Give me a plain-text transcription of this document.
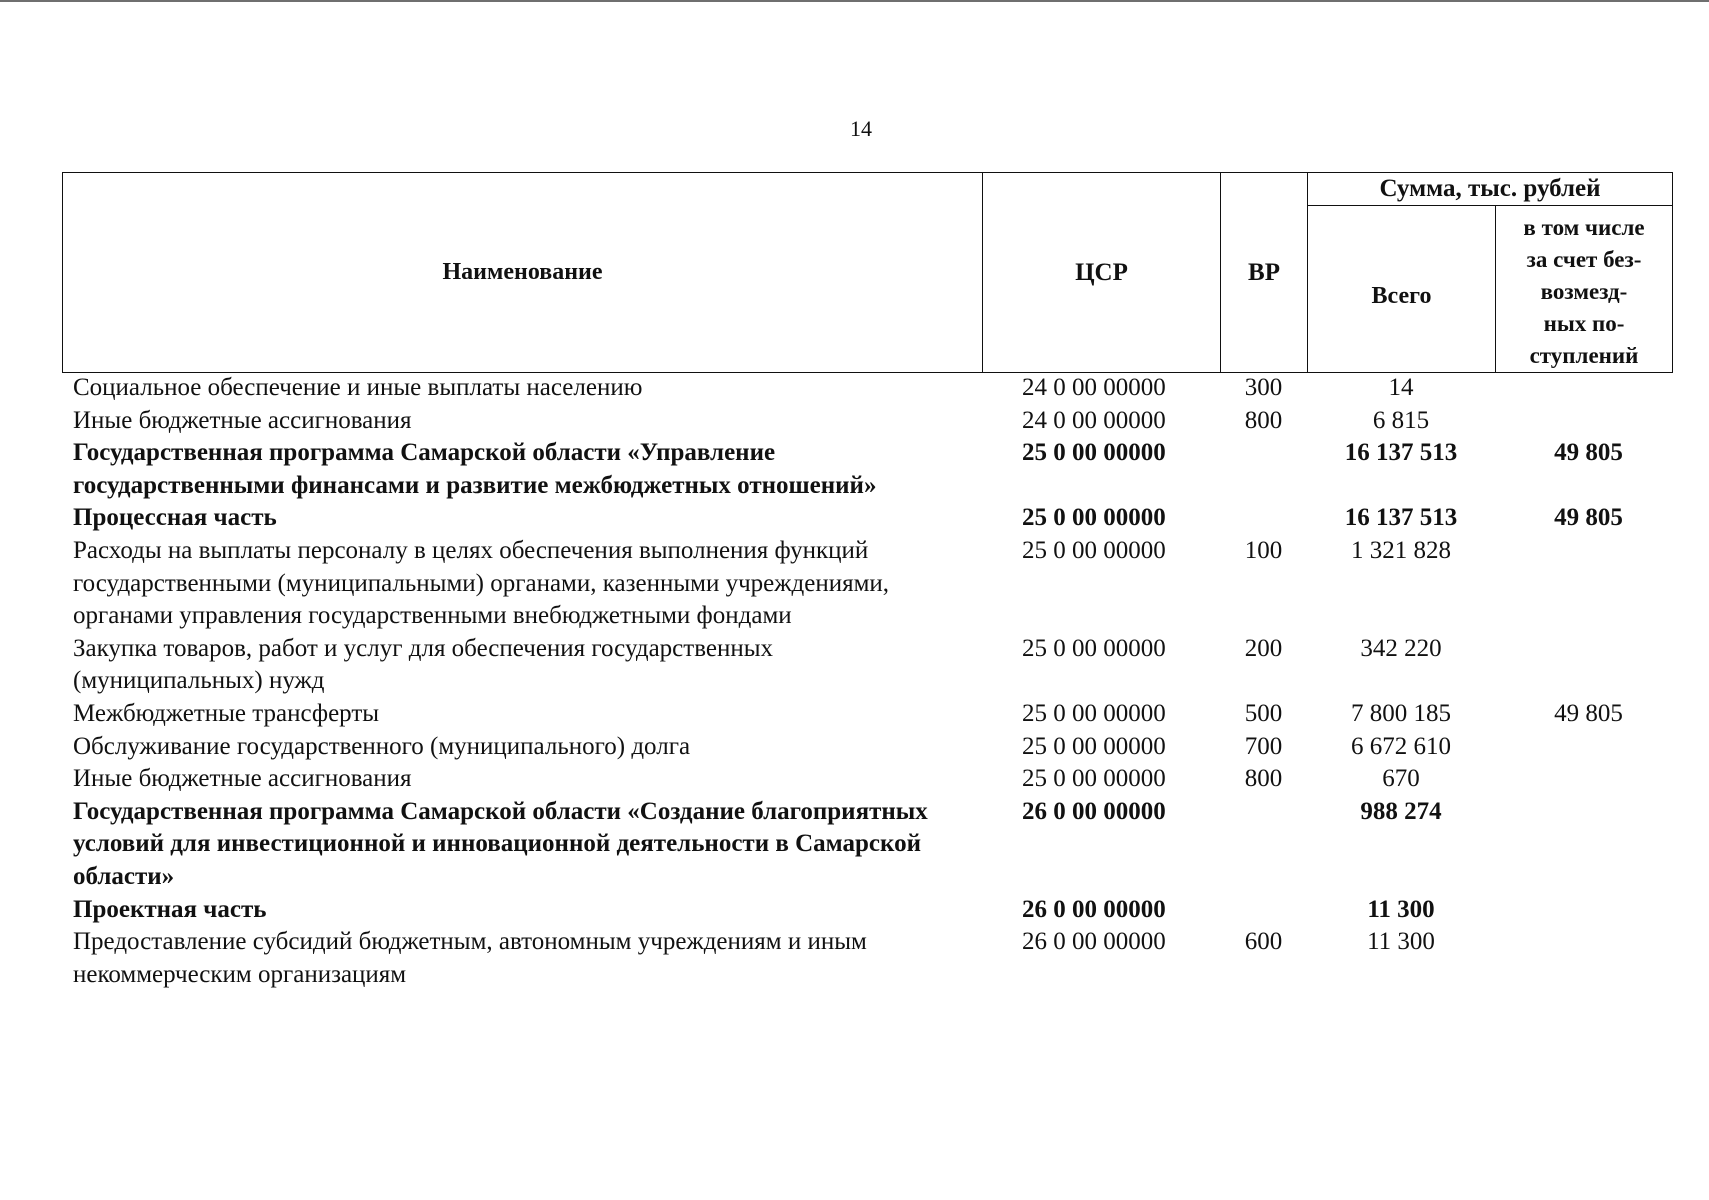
14
Наименование	ЦСР	ВР	Сумма, тыс. рублей	
			Всего	в том числе
за счет без-
возмезд-
ных по-
ступлений
Социальное обеспечение и иные выплаты населению	24 0 00 00000	300	14	
Иные бюджетные ассигнования	24 0 00 00000	800	6 815	
Государственная программа Самарской области «Управление государственными финансами и развитие межбюджетных отношений»	25 0 00 00000		16 137 513	49 805
Процессная часть	25 0 00 00000		16 137 513	49 805
Расходы на выплаты персоналу в целях обеспечения выполнения функций государственными (муниципальными) органами, казенными учреждениями, органами управления государственными внебюджетными фондами	25 0 00 00000	100	1 321 828	
Закупка товаров, работ и услуг для обеспечения государственных (муниципальных) нужд	25 0 00 00000	200	342 220	
Межбюджетные трансферты	25 0 00 00000	500	7 800 185	49 805
Обслуживание государственного (муниципального) долга	25 0 00 00000	700	6 672 610	
Иные бюджетные ассигнования	25 0 00 00000	800	670	
Государственная программа Самарской области «Создание благоприятных условий для инвестиционной и инновационной деятельности в Самарской области»	26 0 00 00000		988 274	
Проектная часть	26 0 00 00000		11 300	
Предоставление субсидий бюджетным, автономным учреждениям и иным некоммерческим организациям	26 0 00 00000	600	11 300	
